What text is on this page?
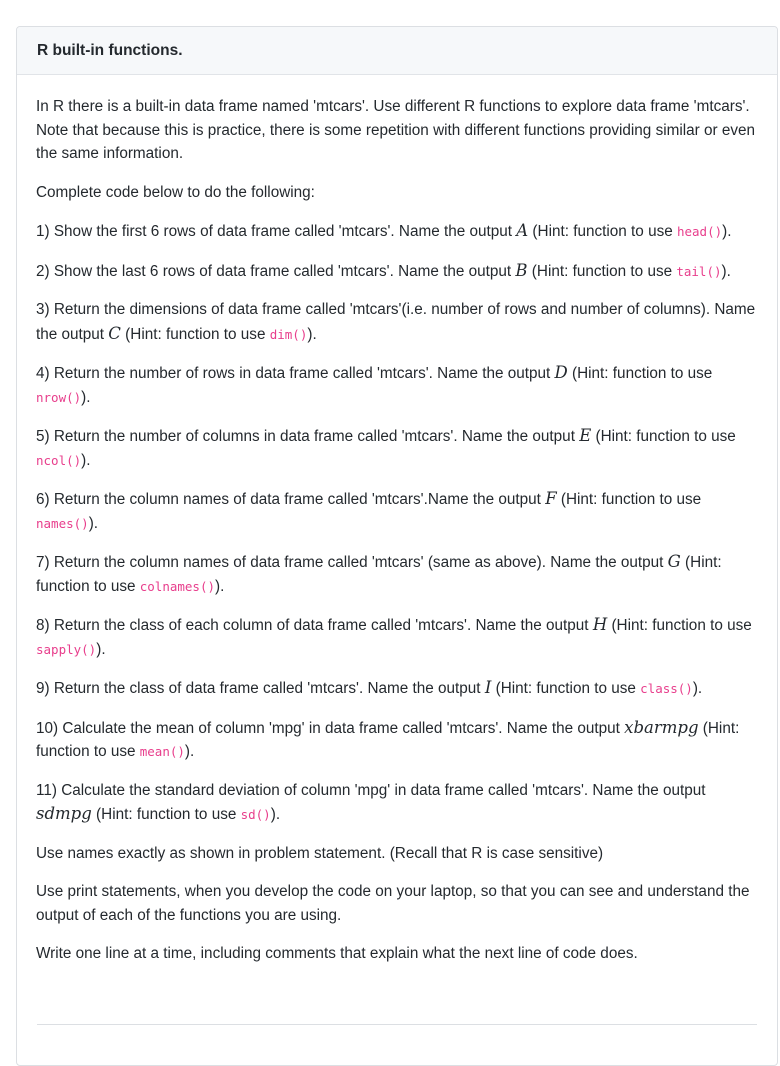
R built-in functions.

In R there is a built-in data frame named 'mtcars'. Use different R functions to explore data frame 'mtcars'. Note that because this is practice, there is some repetition with different functions providing similar or even the same information.

Complete code below to do the following:

1) Show the first 6 rows of data frame called 'mtcars'. Name the output A (Hint: function to use head()).

2) Show the last 6 rows of data frame called 'mtcars'. Name the output B (Hint: function to use tail()).

3) Return the dimensions of data frame called 'mtcars'(i.e. number of rows and number of columns). Name the output C (Hint: function to use dim()).

4) Return the number of rows in data frame called 'mtcars'. Name the output D (Hint: function to use nrow()).

5) Return the number of columns in data frame called 'mtcars'. Name the output E (Hint: function to use ncol()).

6) Return the column names of data frame called 'mtcars'.Name the output F (Hint: function to use names()).

7) Return the column names of data frame called 'mtcars' (same as above). Name the output G (Hint: function to use colnames()).

8) Return the class of each column of data frame called 'mtcars'. Name the output H (Hint: function to use sapply()).

9) Return the class of data frame called 'mtcars'. Name the output I (Hint: function to use class()).

10) Calculate the mean of column 'mpg' in data frame called 'mtcars'. Name the output xbarmpg (Hint: function to use mean()).

11) Calculate the standard deviation of column 'mpg' in data frame called 'mtcars'. Name the output sdmpg (Hint: function to use sd()).

Use names exactly as shown in problem statement. (Recall that R is case sensitive)

Use print statements, when you develop the code on your laptop, so that you can see and understand the output of each of the functions you are using.

Write one line at a time, including comments that explain what the next line of code does.
